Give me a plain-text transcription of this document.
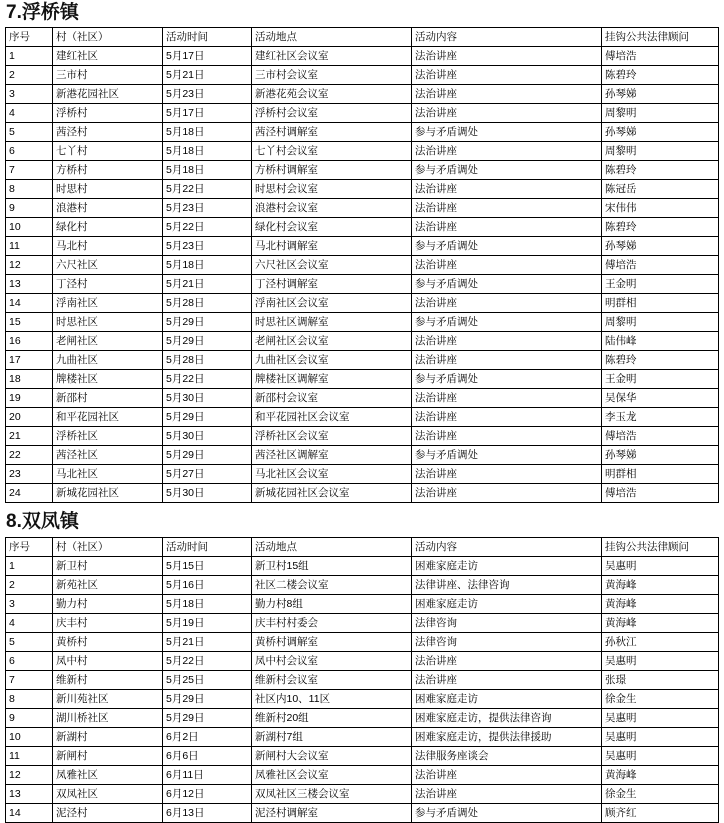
7.浮桥镇
序号	村（社区）	活动时间	活动地点	活动内容	挂钩公共法律顾问

1	建红社区	5月17日	建红社区会议室	法治讲座	傅培浩

2	三市村	5月21日	三市村会议室	法治讲座	陈碧玲

3	新港花园社区	5月23日	新港花苑会议室	法治讲座	孙琴娣

4	浮桥村	5月17日	浮桥村会议室	法治讲座	周黎明

5	茜泾村	5月18日	茜泾村调解室	参与矛盾调处	孙琴娣

6	七丫村	5月18日	七丫村会议室	法治讲座	周黎明

7	方桥村	5月18日	方桥村调解室	参与矛盾调处	陈碧玲

8	时思村	5月22日	时思村会议室	法治讲座	陈冠岳

9	浪港村	5月23日	浪港村会议室	法治讲座	宋伟伟

10	绿化村	5月22日	绿化村会议室	法治讲座	陈碧玲

11	马北村	5月23日	马北村调解室	参与矛盾调处	孙琴娣

12	六尺社区	5月18日	六尺社区会议室	法治讲座	傅培浩

13	丁泾村	5月21日	丁泾村调解室	参与矛盾调处	王金明

14	浮南社区	5月28日	浮南社区会议室	法治讲座	明群相

15	时思社区	5月29日	时思社区调解室	参与矛盾调处	周黎明

16	老闸社区	5月29日	老闸社区会议室	法治讲座	陆伟峰

17	九曲社区	5月28日	九曲社区会议室	法治讲座	陈碧玲

18	牌楼社区	5月22日	牌楼社区调解室	参与矛盾调处	王金明

19	新邵村	5月30日	新邵村会议室	法治讲座	吴保华

20	和平花园社区	5月29日	和平花园社区会议室	法治讲座	李玉龙

21	浮桥社区	5月30日	浮桥社区会议室	法治讲座	傅培浩

22	茜泾社区	5月29日	茜泾社区调解室	参与矛盾调处	孙琴娣

23	马北社区	5月27日	马北社区会议室	法治讲座	明群相

24	新城花园社区	5月30日	新城花园社区会议室	法治讲座	傅培浩
8.双凤镇
序号	村（社区）	活动时间	活动地点	活动内容	挂钩公共法律顾问

1	新卫村	5月15日	新卫村15组	困难家庭走访	吴惠明

2	新苑社区	5月16日	社区二楼会议室	法律讲座、法律咨询	黄海峰

3	勤力村	5月18日	勤力村8组	困难家庭走访	黄海峰

4	庆丰村	5月19日	庆丰村村委会	法律咨询	黄海峰

5	黄桥村	5月21日	黄桥村调解室	法律咨询	孙秋江

6	凤中村	5月22日	凤中村会议室	法治讲座	吴惠明

7	维新村	5月25日	维新村会议室	法治讲座	张璟

8	新川苑社区	5月29日	社区内10、11区	困难家庭走访	徐金生

9	湖川桥社区	5月29日	维新村20组	困难家庭走访，提供法律咨询	吴惠明

10	新湖村	6月2日	新湖村7组	困难家庭走访，提供法律援助	吴惠明

11	新闸村	6月6日	新闸村大会议室	法律服务座谈会	吴惠明

12	凤雅社区	6月11日	凤雅社区会议室	法治讲座	黄海峰

13	双凤社区	6月12日	双凤社区三楼会议室	法治讲座	徐金生

14	泥泾村	6月13日	泥泾村调解室	参与矛盾调处	顾齐红
